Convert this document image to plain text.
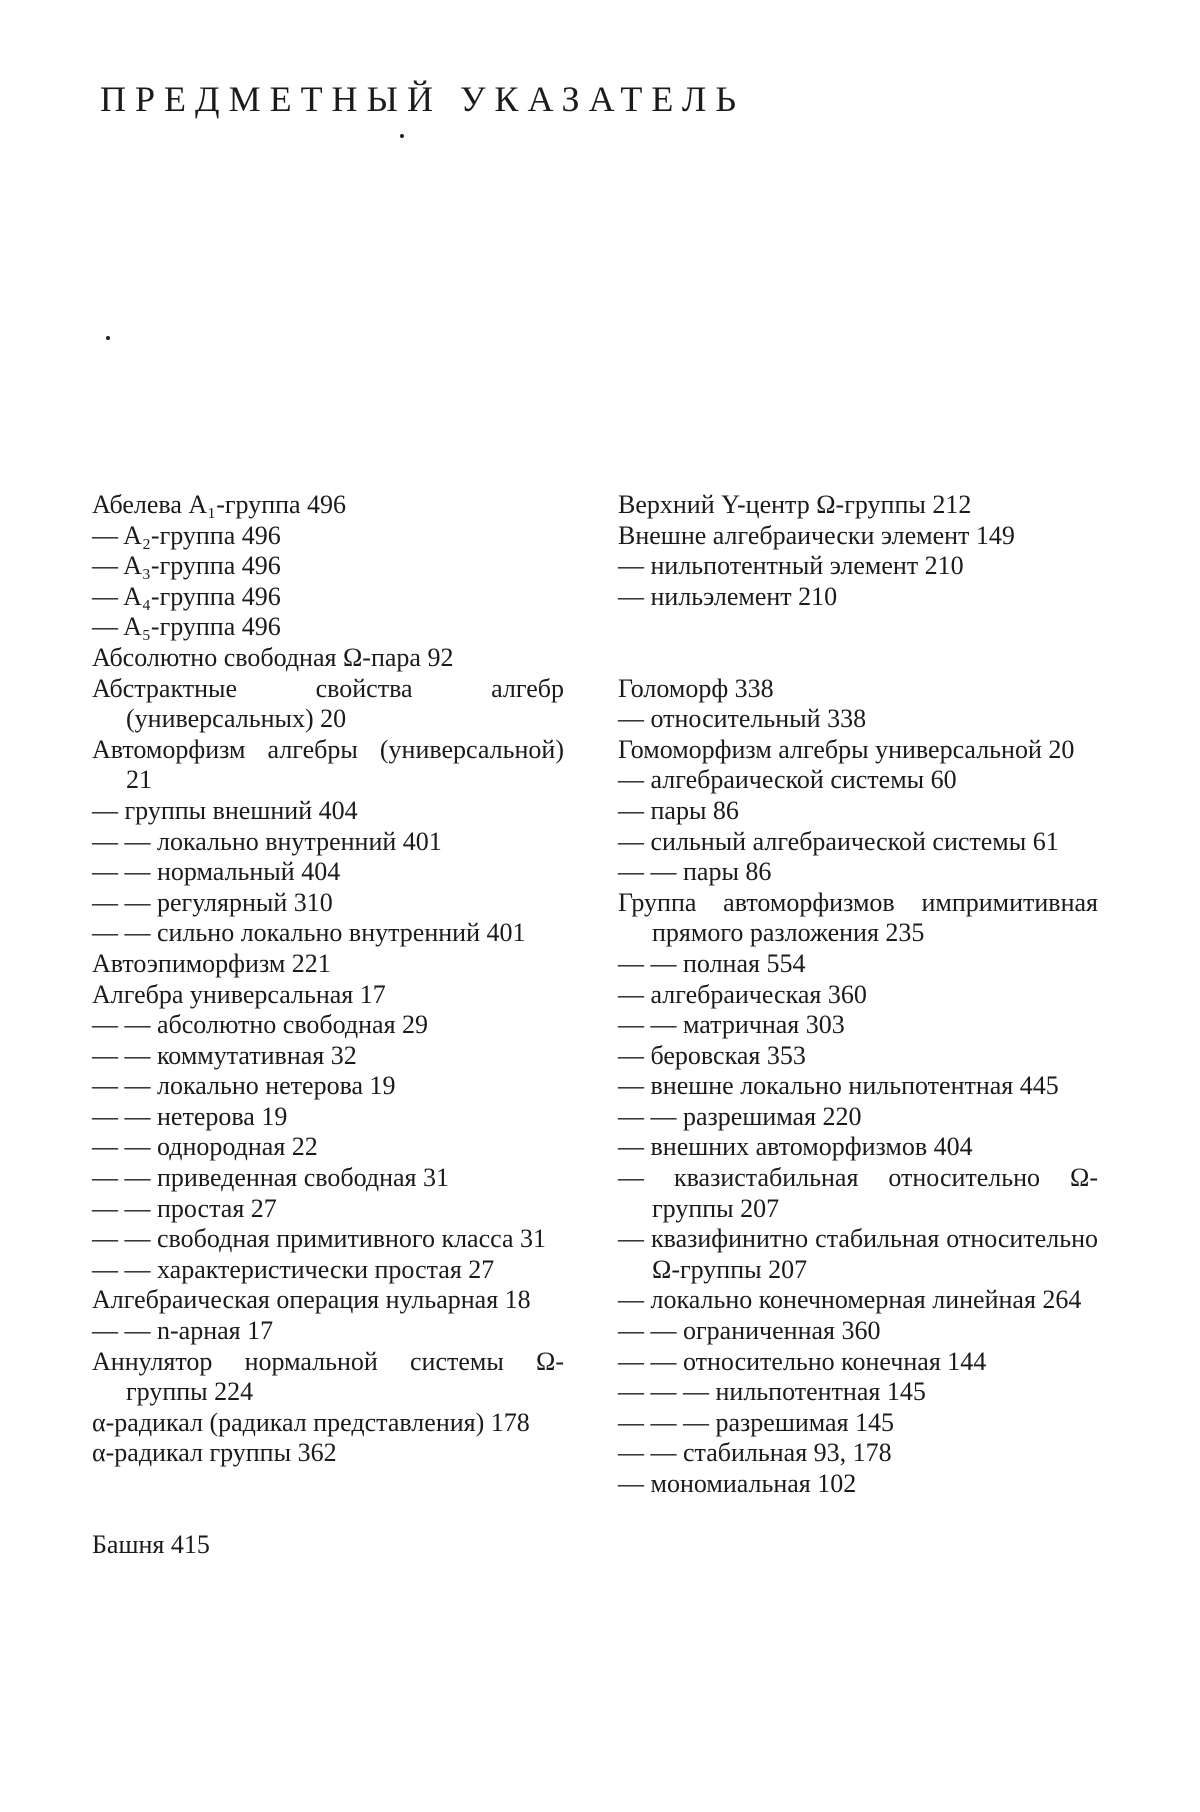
ПРЕДМЕТНЫЙ УКАЗАТЕЛЬ
Абелева A₁-группа 496
— A₂-группа 496
— A₃-группа 496
— A₄-группа 496
— A₅-группа 496
Абсолютно свободная Ω-пара 92
Абстрактные свойства алгебр (универсальных) 20
Автоморфизм алгебры (универсальной) 21
— группы внешний 404
— — локально внутренний 401
— — нормальный 404
— — регулярный 310
— — сильно локально внутренний 401
Автоэпиморфизм 221
Алгебра универсальная 17
— — абсолютно свободная 29
— — коммутативная 32
— — локально нетерова 19
— — нетерова 19
— — однородная 22
— — приведенная свободная 31
— — простая 27
— — свободная примитивного класса 31
— — характеристически простая 27
Алгебраическая операция нульарная 18
— — n-арная 17
Аннулятор нормальной системы Ω-группы 224
α-радикал (радикал представления) 178
α-радикал группы 362
Башня 415
Верхний Y-центр Ω-группы 212
Внешне алгебраически элемент 149
— нильпотентный элемент 210
— нильэлемент 210
Голоморф 338
— относительный 338
Гомоморфизм алгебры универсальной 20
— алгебраической системы 60
— пары 86
— сильный алгебраической системы 61
— — пары 86
Группа автоморфизмов импримитивная прямого разложения 235
— — полная 554
— алгебраическая 360
— — матричная 303
— беровская 353
— внешне локально нильпотентная 445
— — разрешимая 220
— внешних автоморфизмов 404
— квазистабильная относительно Ω-группы 207
— квазифинитно стабильная относительно Ω-группы 207
— локально конечномерная линейная 264
— — ограниченная 360
— — относительно конечная 144
— — — нильпотентная 145
— — — разрешимая 145
— — стабильная 93, 178
— мономиальная 102
